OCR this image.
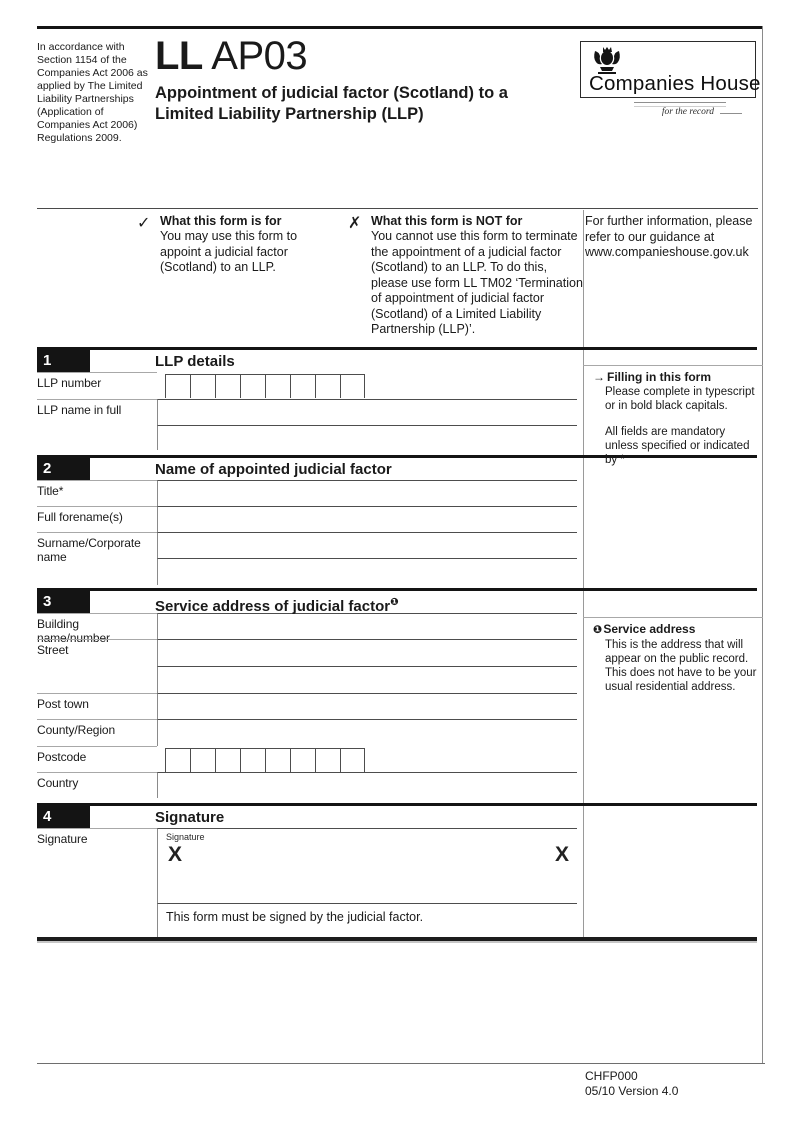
In accordance with Section 1154 of the Companies Act 2006 as applied by The Limited Liability Partnerships (Application of Companies Act 2006) Regulations 2009.
LL AP03
Appointment of judicial factor (Scotland) to a Limited Liability Partnership (LLP)
Companies House
for the record
✓ What this form is for
You may use this form to appoint a judicial factor (Scotland) to an LLP.
✗ What this form is NOT for
You cannot use this form to terminate the appointment of a judicial factor (Scotland) to an LLP. To do this, please use form LL TM02 ‘Termination of appointment of judicial factor (Scotland) of a Limited Liability Partnership (LLP)’.
For further information, please refer to our guidance at www.companieshouse.gov.uk
1	LLP details
LLP number
LLP name in full
2	Name of appointed judicial factor
Title*
Full forename(s)
Surname/Corporate name
3	Service address of judicial factor$^❶$
Building name/number
Street
Post town
County/Region
Postcode
Country
4	Signature
Signature	Signature
X	X
This form must be signed by the judicial factor.
→ Filling in this form
Please complete in typescript or in bold black capitals.
All fields are mandatory unless specified or indicated by *
❶Service address
This is the address that will appear on the public record. This does not have to be your usual residential address.
CHFP000
05/10 Version 4.0
